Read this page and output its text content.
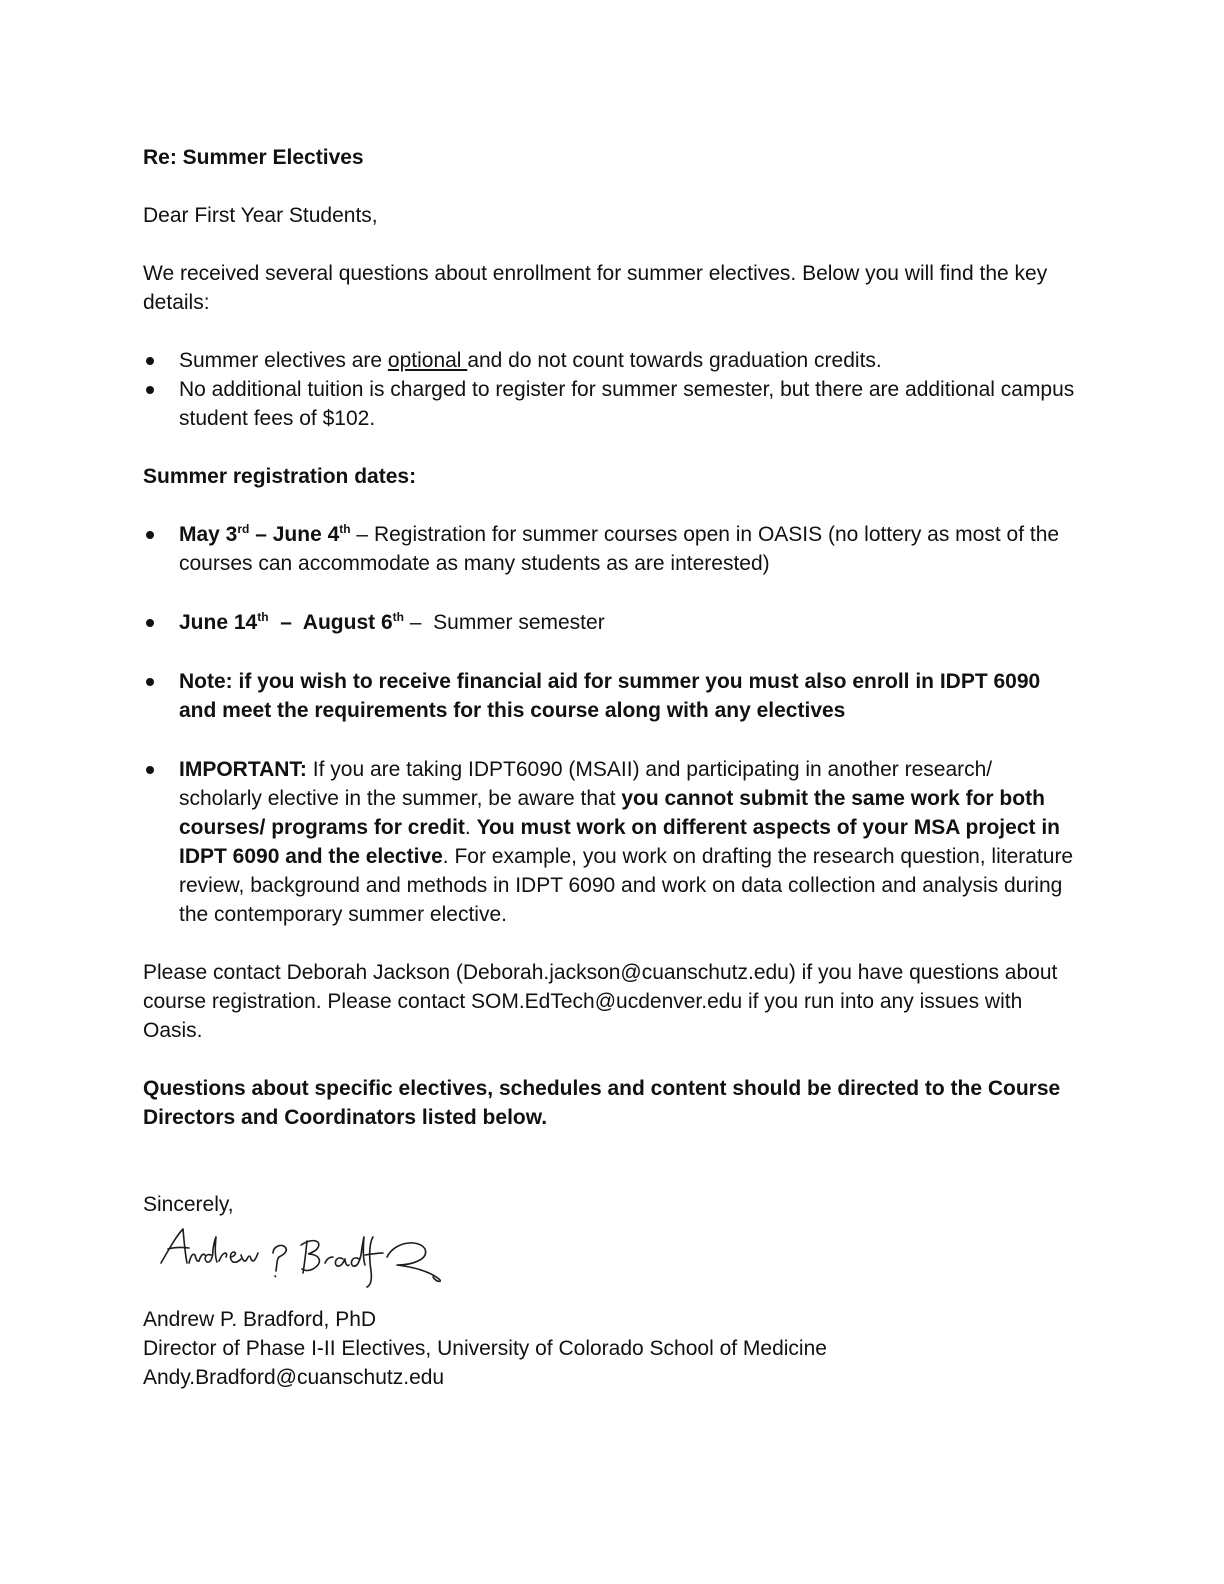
Re: Summer Electives

Dear First Year Students,

We received several questions about enrollment for summer electives. Below you will find the key details:

Summer electives are optional and do not count towards graduation credits.
No additional tuition is charged to register for summer semester, but there are additional campus student fees of $102.

Summer registration dates:

May 3rd – June 4th – Registration for summer courses open in OASIS (no lottery as most of the courses can accommodate as many students as are interested)
June 14th  –  August 6th –  Summer semester
Note: if you wish to receive financial aid for summer you must also enroll in IDPT 6090 and meet the requirements for this course along with any electives
IMPORTANT: If you are taking IDPT6090 (MSAII) and participating in another research/ scholarly elective in the summer, be aware that you cannot submit the same work for both courses/ programs for credit. You must work on different aspects of your MSA project in IDPT 6090 and the elective. For example, you work on drafting the research question, literature review, background and methods in IDPT 6090 and work on data collection and analysis during the contemporary summer elective.

Please contact Deborah Jackson (Deborah.jackson@cuanschutz.edu) if you have questions about course registration. Please contact SOM.EdTech@ucdenver.edu if you run into any issues with Oasis.

Questions about specific electives, schedules and content should be directed to the Course Directors and Coordinators listed below.

Sincerely,

Andrew P. Bradford, PhD

Director of Phase I-II Electives, University of Colorado School of Medicine

Andy.Bradford@cuanschutz.edu
